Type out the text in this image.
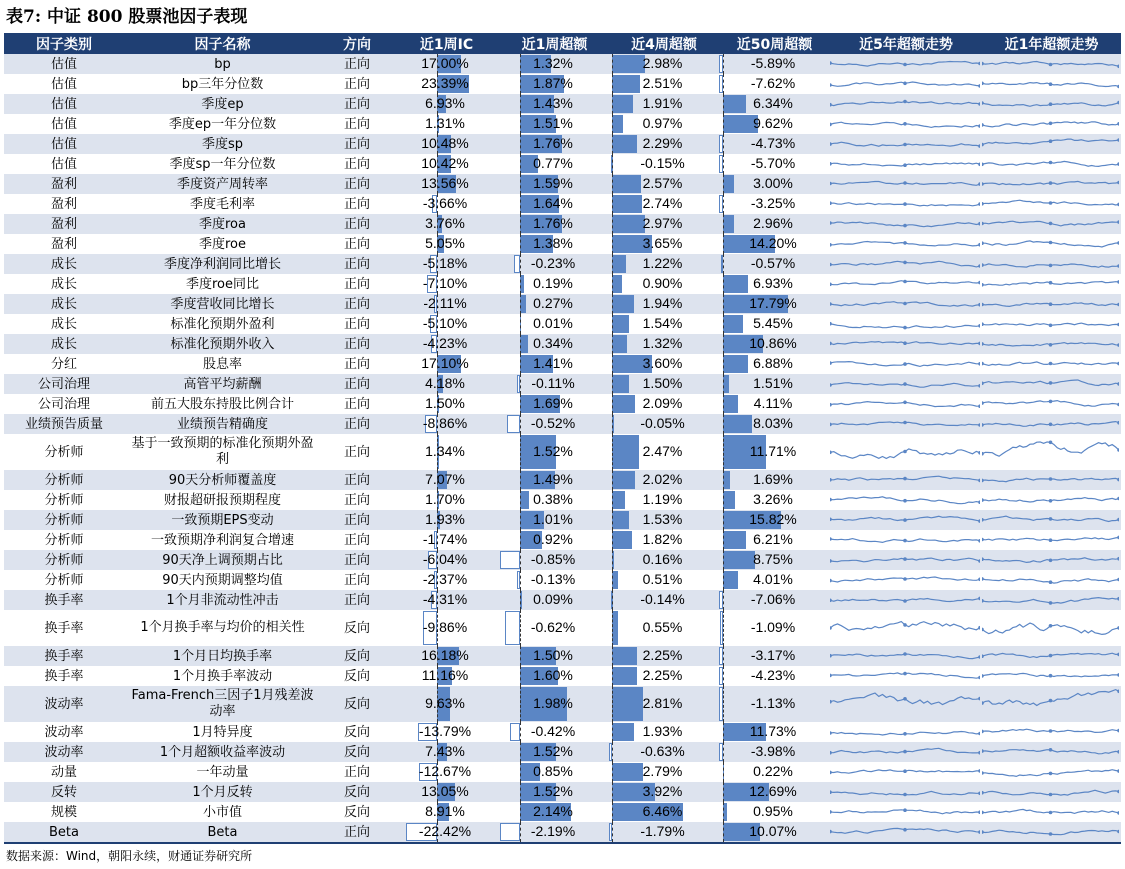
表7: 中证 800 股票池因子表现
因子类别	因子名称	方向	近1周IC	近1周超额	近4周超额	近50周超额	近5年超额走势	近1年超额走势
估值	bp	正向	17.00%	1.32%	2.98%	-5.89%	

估值	bp三年分位数	正向	23.39%	1.87%	2.51%	-7.62%	

估值	季度ep	正向	6.93%	1.43%	1.91%	6.34%	

估值	季度ep一年分位数	正向	1.31%	1.51%	0.97%	9.62%	

估值	季度sp	正向	10.48%	1.76%	2.29%	-4.73%	

估值	季度sp一年分位数	正向	10.42%	0.77%	-0.15%	-5.70%	

盈利	季度资产周转率	正向	13.56%	1.59%	2.57%	3.00%	

盈利	季度毛利率	正向	-3.66%	1.64%	2.74%	-3.25%	

盈利	季度roa	正向	3.76%	1.76%	2.97%	2.96%	

盈利	季度roe	正向	5.05%	1.38%	3.65%	14.20%	

成长	季度净利润同比增长	正向	-5.18%	-0.23%	1.22%	-0.57%	

成长	季度roe同比	正向	-7.10%	0.19%	0.90%	6.93%	

成长	季度营收同比增长	正向	-2.11%	0.27%	1.94%	17.79%	

成长	标准化预期外盈利	正向	-5.10%	0.01%	1.54%	5.45%	

成长	标准化预期外收入	正向	-4.23%	0.34%	1.32%	10.86%	

分红	股息率	正向	17.10%	1.41%	3.60%	6.88%	

公司治理	高管平均薪酬	正向	4.18%	-0.11%	1.50%	1.51%	

公司治理	前五大股东持股比例合计	正向	1.50%	1.69%	2.09%	4.11%	

业绩预告质量	业绩预告精确度	正向	-8.86%	-0.52%	-0.05%	8.03%	

分析师	基于一致预期的标准化预期外盈利	正向	1.34%	1.52%	2.47%	11.71%	

分析师	90天分析师覆盖度	正向	7.07%	1.49%	2.02%	1.69%	

分析师	财报超研报预期程度	正向	1.70%	0.38%	1.19%	3.26%	

分析师	一致预期EPS变动	正向	1.93%	1.01%	1.53%	15.82%	

分析师	一致预期净利润复合增速	正向	-1.74%	0.92%	1.82%	6.21%	

分析师	90天净上调预期占比	正向	-6.04%	-0.85%	0.16%	8.75%	

分析师	90天内预期调整均值	正向	-2.37%	-0.13%	0.51%	4.01%	

换手率	1个月非流动性冲击	正向	-4.31%	0.09%	-0.14%	-7.06%	

换手率	1个月换手率与均价的相关性	反向	-9.86%	-0.62%	0.55%	-1.09%	

换手率	1个月日均换手率	反向	16.18%	1.50%	2.25%	-3.17%	

换手率	1个月换手率波动	反向	11.16%	1.60%	2.25%	-4.23%	

波动率	Fama-French三因子1月残差波动率	反向	9.63%	1.98%	2.81%	-1.13%	

波动率	1月特异度	反向	-13.79%	-0.42%	1.93%	11.73%	

波动率	1个月超额收益率波动	反向	7.43%	1.52%	-0.63%	-3.98%	

动量	一年动量	正向	-12.67%	0.85%	2.79%	0.22%	

反转	1个月反转	反向	13.05%	1.52%	3.92%	12.69%	

规模	小市值	反向	8.91%	2.14%	6.46%	0.95%	

Beta	Beta	正向	-22.42%	-2.19%	-1.79%	10.07%	

数据来源：Wind，朝阳永续，财通证券研究所
